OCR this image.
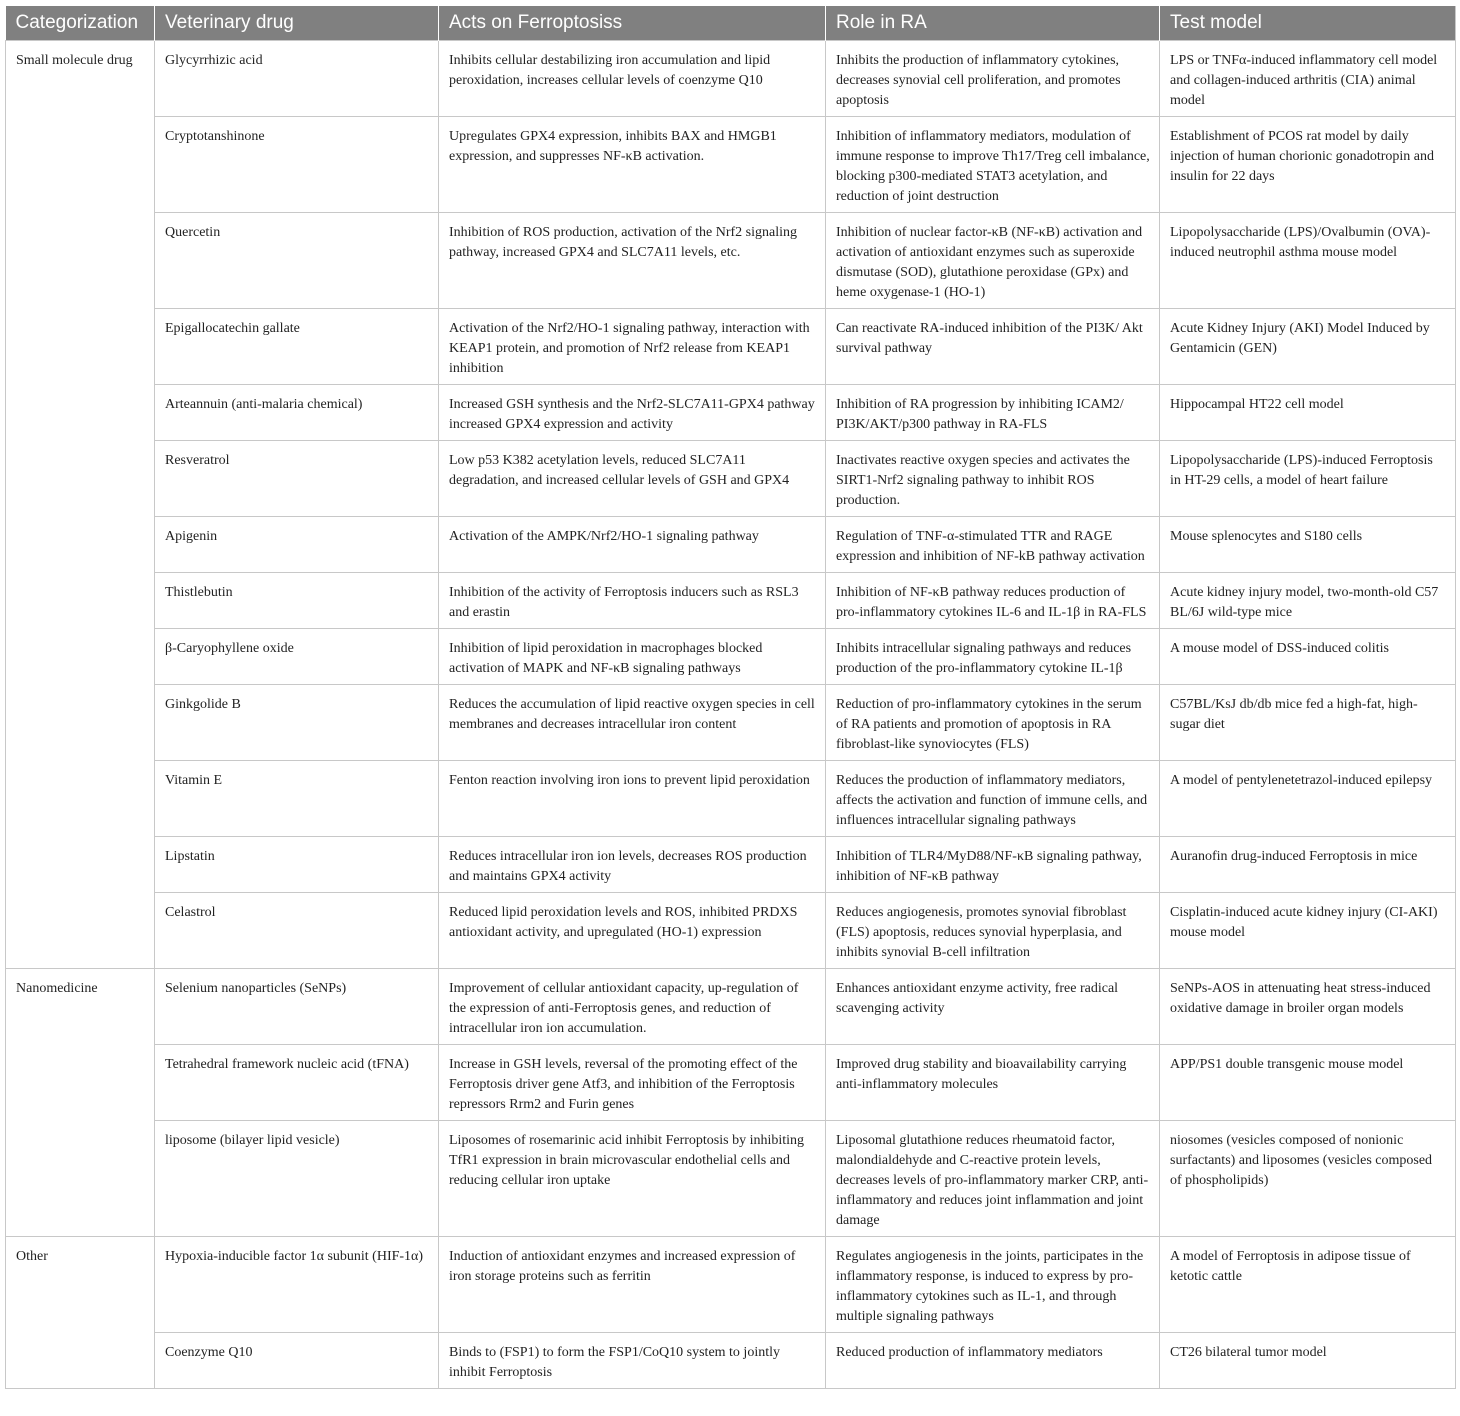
Categorization	Veterinary drug	Acts on Ferroptosiss	Role in RA	Test model
Small molecule drug	Glycyrrhizic acid	Inhibits cellular destabilizing iron accumulation and lipid peroxidation, increases cellular levels of coenzyme Q10	Inhibits the production of inflammatory cytokines, decreases synovial cell proliferation, and promotes apoptosis	LPS or TNFα-induced inflammatory cell model and collagen-induced arthritis (CIA) animal model
	Cryptotanshinone	Upregulates GPX4 expression, inhibits BAX and HMGB1 expression, and suppresses NF-κB activation.	Inhibition of inflammatory mediators, modulation of immune response to improve Th17/Treg cell imbalance, blocking p300-mediated STAT3 acetylation, and reduction of joint destruction	Establishment of PCOS rat model by daily injection of human chorionic gonadotropin and insulin for 22 days
	Quercetin	Inhibition of ROS production, activation of the Nrf2 signaling pathway, increased GPX4 and SLC7A11 levels, etc.	Inhibition of nuclear factor-κB (NF-κB) activation and activation of antioxidant enzymes such as superoxide dismutase (SOD), glutathione peroxidase (GPx) and heme oxygenase-1 (HO-1)	Lipopolysaccharide (LPS)/Ovalbumin (OVA)-induced neutrophil asthma mouse model
	Epigallocatechin gallate	Activation of the Nrf2/HO-1 signaling pathway, interaction with KEAP1 protein, and promotion of Nrf2 release from KEAP1 inhibition	Can reactivate RA-induced inhibition of the PI3K/ Akt survival pathway	Acute Kidney Injury (AKI) Model Induced by Gentamicin (GEN)
	Arteannuin (anti-malaria chemical)	Increased GSH synthesis and the Nrf2-SLC7A11-GPX4 pathway increased GPX4 expression and activity	Inhibition of RA progression by inhibiting ICAM2/ PI3K/AKT/p300 pathway in RA-FLS	Hippocampal HT22 cell model
	Resveratrol	Low p53 K382 acetylation levels, reduced SLC7A11 degradation, and increased cellular levels of GSH and GPX4	Inactivates reactive oxygen species and activates the SIRT1-Nrf2 signaling pathway to inhibit ROS production.	Lipopolysaccharide (LPS)-induced Ferroptosis in HT-29 cells, a model of heart failure
	Apigenin	Activation of the AMPK/Nrf2/HO-1 signaling pathway	Regulation of TNF-α-stimulated TTR and RAGE expression and inhibition of NF-kB pathway activation	Mouse splenocytes and S180 cells
	Thistlebutin	Inhibition of the activity of Ferroptosis inducers such as RSL3 and erastin	Inhibition of NF-κB pathway reduces production of pro-inflammatory cytokines IL-6 and IL-1β in RA-FLS	Acute kidney injury model, two-month-old C57 BL/6J wild-type mice
	β-Caryophyllene oxide	Inhibition of lipid peroxidation in macrophages blocked activation of MAPK and NF-κB signaling pathways	Inhibits intracellular signaling pathways and reduces production of the pro-inflammatory cytokine IL-1β	A mouse model of DSS-induced colitis
	Ginkgolide B	Reduces the accumulation of lipid reactive oxygen species in cell membranes and decreases intracellular iron content	Reduction of pro-inflammatory cytokines in the serum of RA patients and promotion of apoptosis in RA fibroblast-like synoviocytes (FLS)	C57BL/KsJ db/db mice fed a high-fat, high-sugar diet
	Vitamin E	Fenton reaction involving iron ions to prevent lipid peroxidation	Reduces the production of inflammatory mediators, affects the activation and function of immune cells, and influences intracellular signaling pathways	A model of pentylenetetrazol-induced epilepsy
	Lipstatin	Reduces intracellular iron ion levels, decreases ROS production and maintains GPX4 activity	Inhibition of TLR4/MyD88/NF-κB signaling pathway, inhibition of NF-κB pathway	Auranofin drug-induced Ferroptosis in mice
	Celastrol	Reduced lipid peroxidation levels and ROS, inhibited PRDXS antioxidant activity, and upregulated (HO-1) expression	Reduces angiogenesis, promotes synovial fibroblast (FLS) apoptosis, reduces synovial hyperplasia, and inhibits synovial B-cell infiltration	Cisplatin-induced acute kidney injury (CI-AKI) mouse model
Nanomedicine	Selenium nanoparticles (SeNPs)	Improvement of cellular antioxidant capacity, up-regulation of the expression of anti-Ferroptosis genes, and reduction of intracellular iron ion accumulation.	Enhances antioxidant enzyme activity, free radical scavenging activity	SeNPs-AOS in attenuating heat stress-induced oxidative damage in broiler organ models
	Tetrahedral framework nucleic acid (tFNA)	Increase in GSH levels, reversal of the promoting effect of the Ferroptosis driver gene Atf3, and inhibition of the Ferroptosis repressors Rrm2 and Furin genes	Improved drug stability and bioavailability carrying anti-inflammatory molecules	APP/PS1 double transgenic mouse model
	liposome (bilayer lipid vesicle)	Liposomes of rosemarinic acid inhibit Ferroptosis by inhibiting TfR1 expression in brain microvascular endothelial cells and reducing cellular iron uptake	Liposomal glutathione reduces rheumatoid factor, malondialdehyde and C-reactive protein levels, decreases levels of pro-inflammatory marker CRP, anti-inflammatory and reduces joint inflammation and joint damage	niosomes (vesicles composed of nonionic surfactants) and liposomes (vesicles composed of phospholipids)
Other	Hypoxia-inducible factor 1α subunit (HIF-1α)	Induction of antioxidant enzymes and increased expression of iron storage proteins such as ferritin	Regulates angiogenesis in the joints, participates in the inflammatory response, is induced to express by pro-inflammatory cytokines such as IL-1, and through multiple signaling pathways	A model of Ferroptosis in adipose tissue of ketotic cattle
	Coenzyme Q10	Binds to (FSP1) to form the FSP1/CoQ10 system to jointly inhibit Ferroptosis	Reduced production of inflammatory mediators	CT26 bilateral tumor model
